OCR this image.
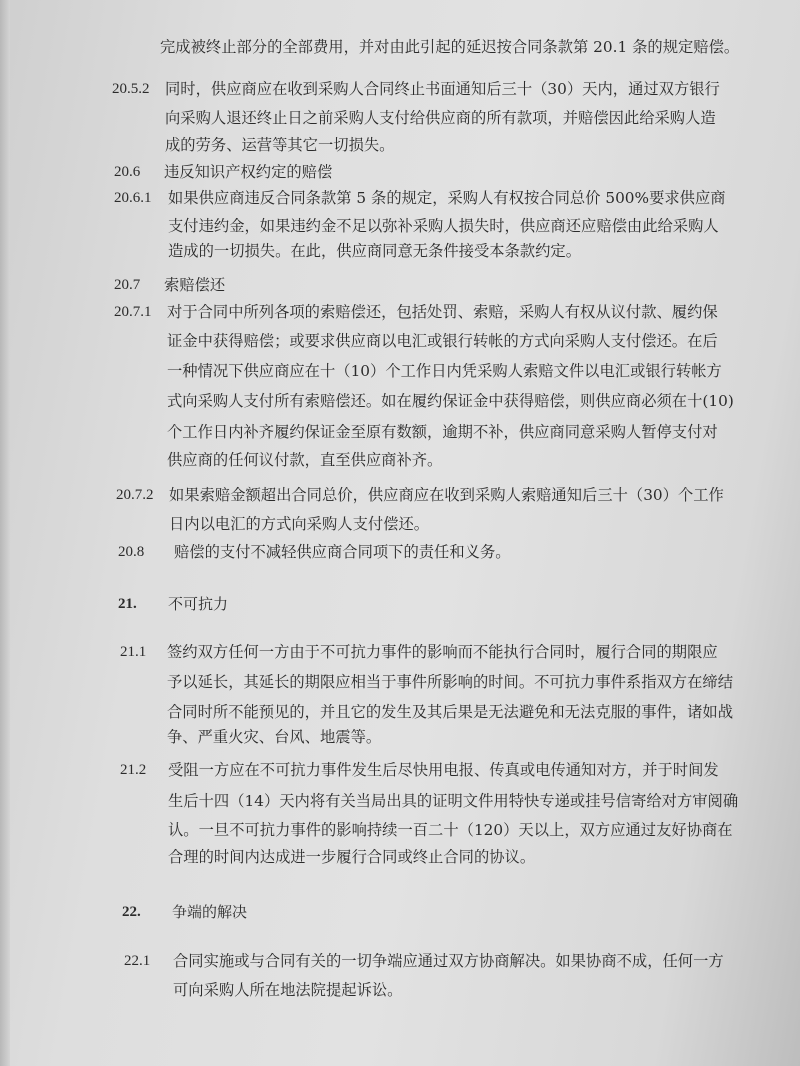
完成被终止部分的全部费用，并对由此引起的延迟按合同条款第 20.1 条的规定赔偿。
20.5.2 同时，供应商应在收到采购人合同终止书面通知后三十（30）天内，通过双方银行
向采购人退还终止日之前采购人支付给供应商的所有款项，并赔偿因此给采购人造
成的劳务、运营等其它一切损失。
20.6 违反知识产权约定的赔偿
20.6.1 如果供应商违反合同条款第 5 条的规定，采购人有权按合同总价 500%要求供应商
支付违约金，如果违约金不足以弥补采购人损失时，供应商还应赔偿由此给采购人
造成的一切损失。在此，供应商同意无条件接受本条款约定。
20.7 索赔偿还
20.7.1 对于合同中所列各项的索赔偿还，包括处罚、索赔，采购人有权从议付款、履约保
证金中获得赔偿；或要求供应商以电汇或银行转帐的方式向采购人支付偿还。在后
一种情况下供应商应在十（10）个工作日内凭采购人索赔文件以电汇或银行转帐方
式向采购人支付所有索赔偿还。如在履约保证金中获得赔偿，则供应商必须在十(10)
个工作日内补齐履约保证金至原有数额，逾期不补，供应商同意采购人暂停支付对
供应商的任何议付款，直至供应商补齐。
20.7.2 如果索赔金额超出合同总价，供应商应在收到采购人索赔通知后三十（30）个工作
日内以电汇的方式向采购人支付偿还。
20.8 赔偿的支付不减轻供应商合同项下的责任和义务。
21. 不可抗力
21.1 签约双方任何一方由于不可抗力事件的影响而不能执行合同时，履行合同的期限应
予以延长，其延长的期限应相当于事件所影响的时间。不可抗力事件系指双方在缔结
合同时所不能预见的，并且它的发生及其后果是无法避免和无法克服的事件，诸如战
争、严重火灾、台风、地震等。
21.2 受阻一方应在不可抗力事件发生后尽快用电报、传真或电传通知对方，并于时间发
生后十四（14）天内将有关当局出具的证明文件用特快专递或挂号信寄给对方审阅确
认。一旦不可抗力事件的影响持续一百二十（120）天以上，双方应通过友好协商在
合理的时间内达成进一步履行合同或终止合同的协议。
22. 争端的解决
22.1 合同实施或与合同有关的一切争端应通过双方协商解决。如果协商不成，任何一方
可向采购人所在地法院提起诉讼。
